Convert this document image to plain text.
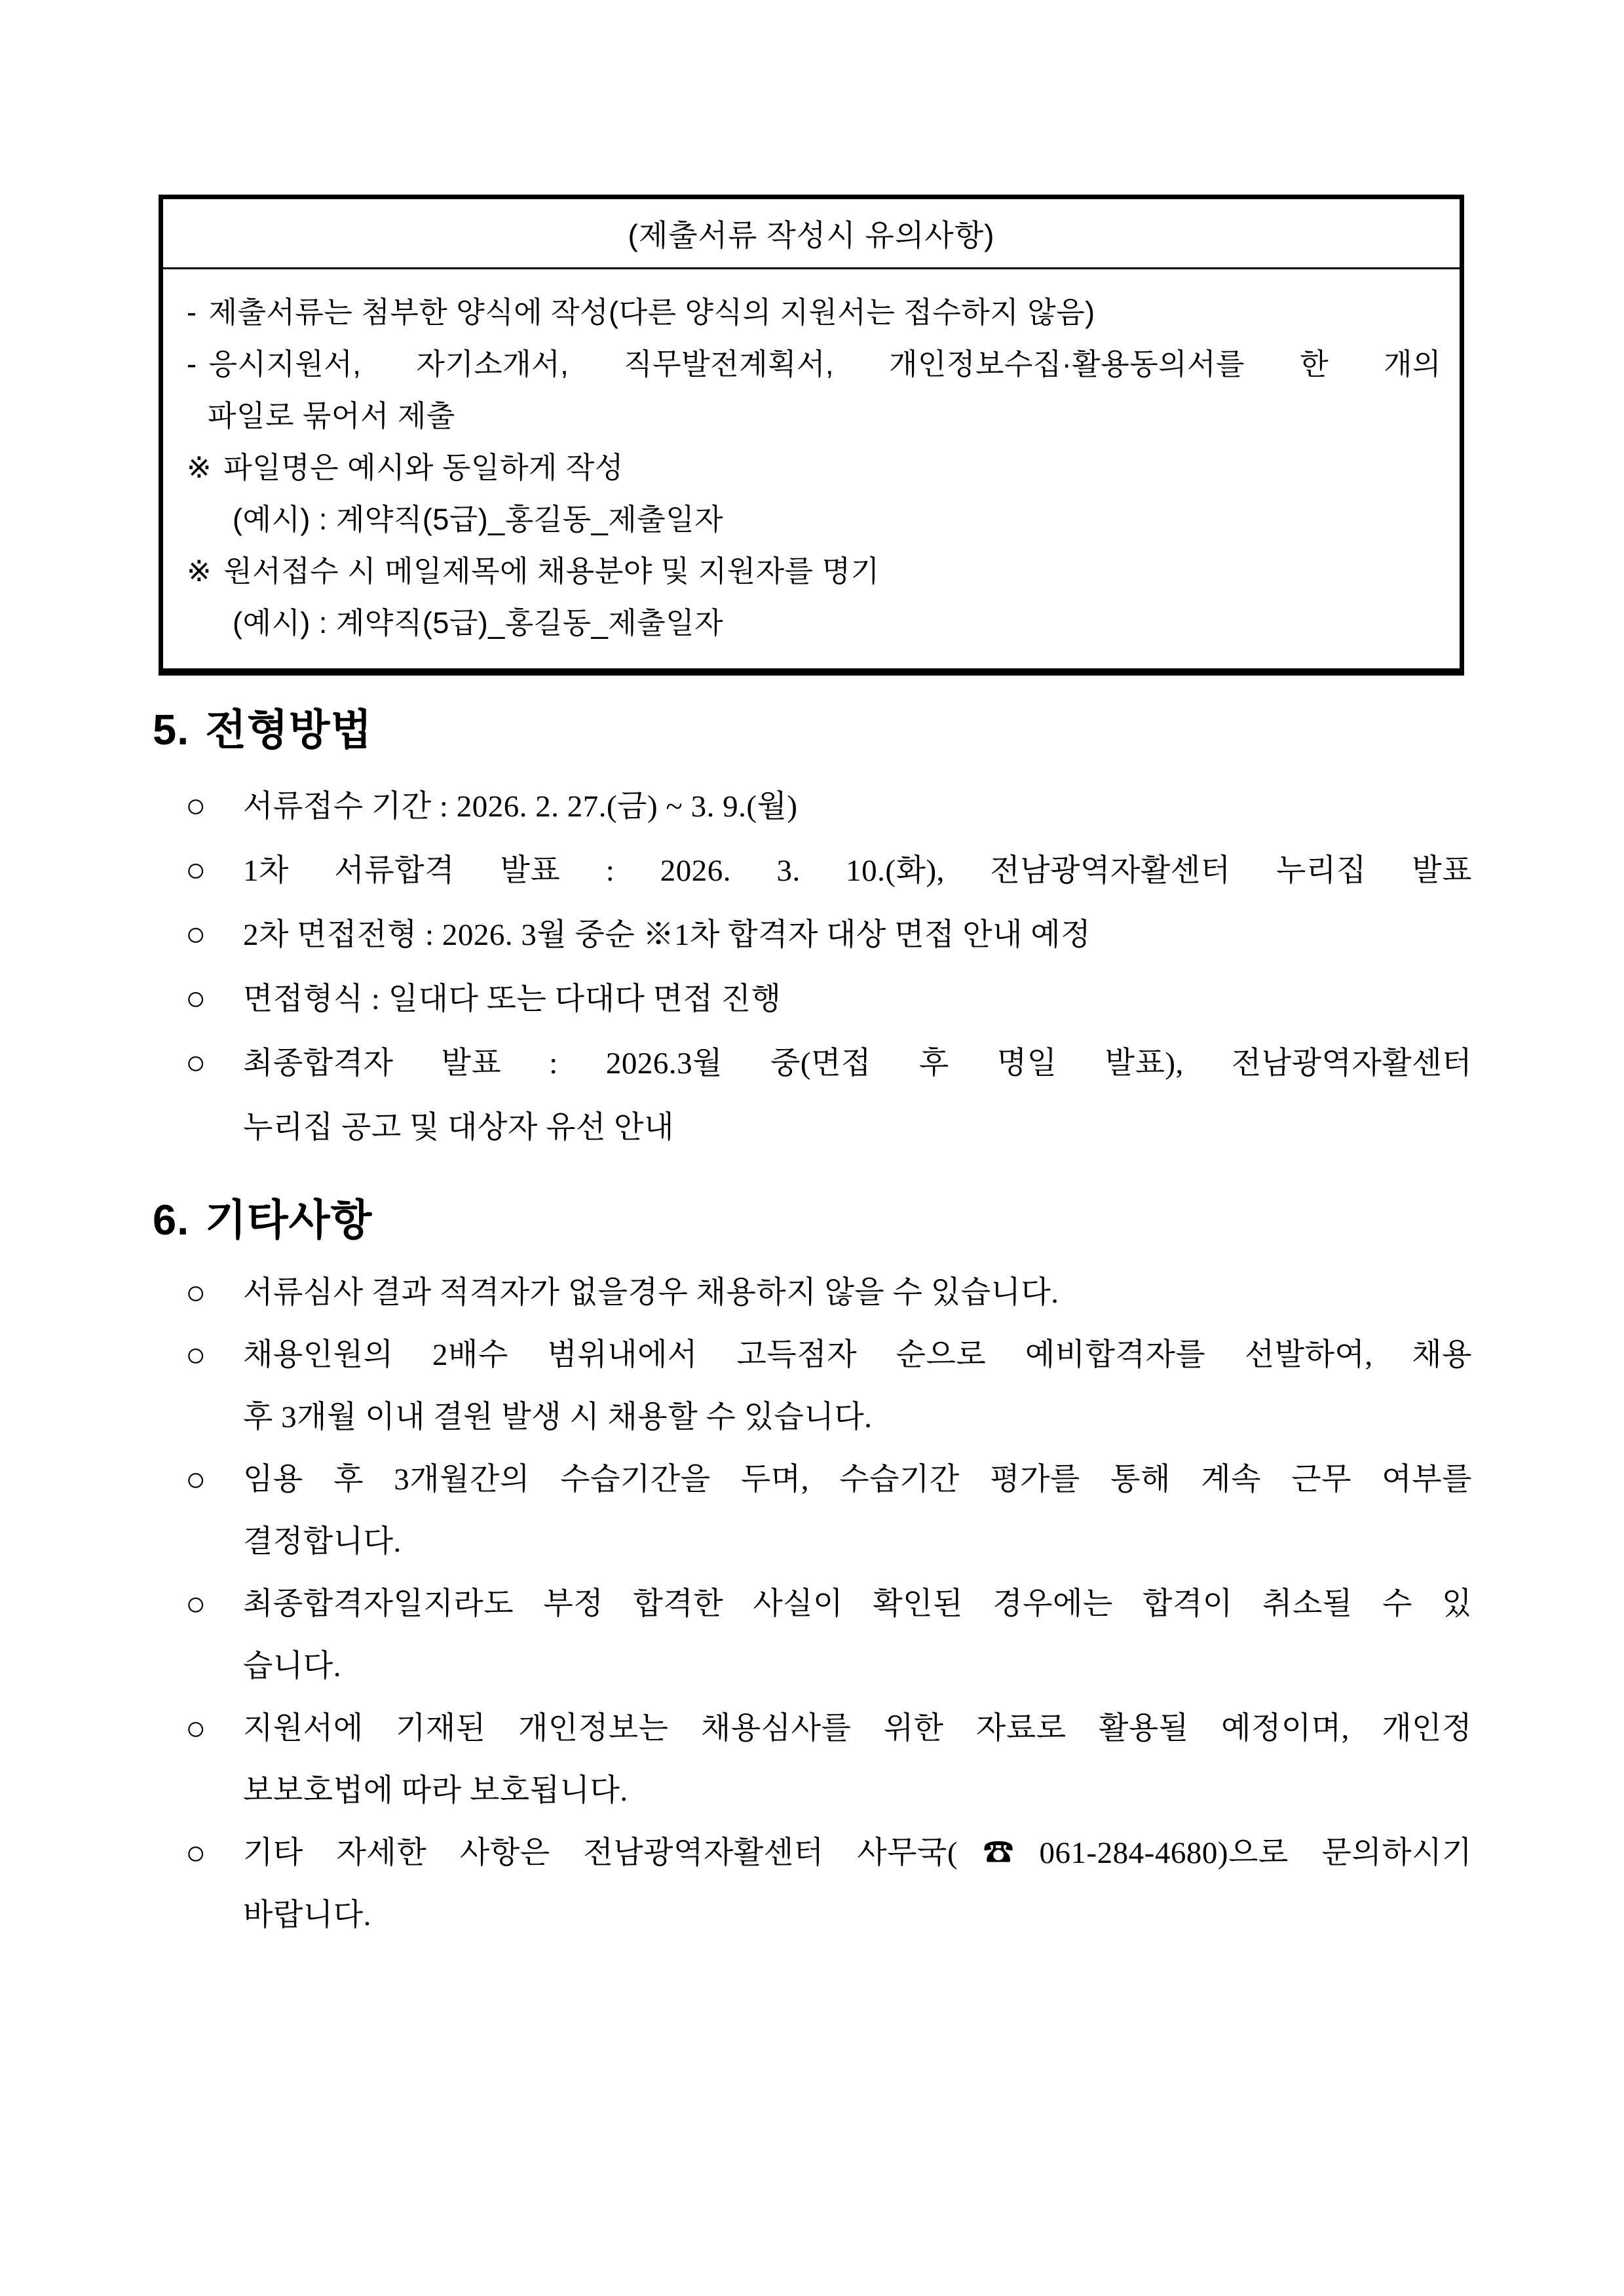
(제출서류 작성시 유의사항)
- 제출서류는 첨부한 양식에 작성(다른 양식의 지원서는 접수하지 않음)
- 응시지원서, 자기소개서, 직무발전계획서, 개인정보수집·활용동의서를 한 개의
파일로 묶어서 제출
※ 파일명은 예시와 동일하게 작성
(예시) : 계약직(5급)_홍길동_제출일자
※ 원서접수 시 메일제목에 채용분야 및 지원자를 명기
(예시) : 계약직(5급)_홍길동_제출일자
5. 전형방법
○	서류접수 기간 : 2026. 2. 27.(금) ~ 3. 9.(월)
○	1차 서류합격 발표 : 2026. 3. 10.(화), 전남광역자활센터 누리집 발표
○	2차 면접전형 : 2026. 3월 중순 ※1차 합격자 대상 면접 안내 예정
○	면접형식 : 일대다 또는 다대다 면접 진행
○	최종합격자 발표 : 2026.3월 중(면접 후 명일 발표), 전남광역자활센터
누리집 공고 및 대상자 유선 안내
6. 기타사항
○	서류심사 결과 적격자가 없을경우 채용하지 않을 수 있습니다.
○	채용인원의 2배수 범위내에서 고득점자 순으로 예비합격자를 선발하여, 채용
후 3개월 이내 결원 발생 시 채용할 수 있습니다.
○	임용 후 3개월간의 수습기간을 두며, 수습기간 평가를 통해 계속 근무 여부를
결정합니다.
○	최종합격자일지라도 부정 합격한 사실이 확인된 경우에는 합격이 취소될 수 있
습니다.
○	지원서에 기재된 개인정보는 채용심사를 위한 자료로 활용될 예정이며, 개인정
보보호법에 따라 보호됩니다.
○	기타 자세한 사항은 전남광역자활센터 사무국(☎061-284-4680)으로 문의하시기
바랍니다.
